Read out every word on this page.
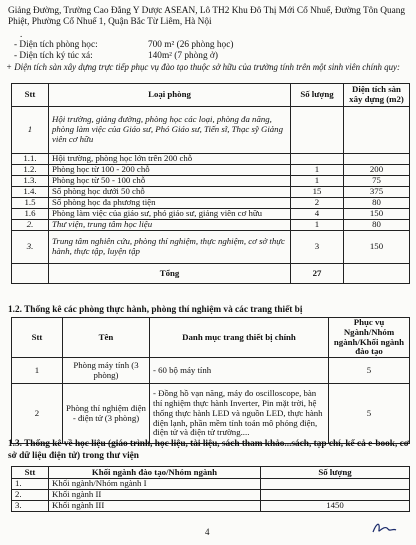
Giảng Đường, Trường Cao Đẳng Y Dược ASEAN, Lô TH2 Khu Đô Thị Mới Cổ Nhuế, Đường Tôn Quang Phiệt, Phường Cổ Nhuế 1, Quận Bắc Từ Liêm, Hà Nội

.
- Diện tích phòng học:	700 m² (26 phòng học)
- Diện tích ký túc xá:	140m² (7 phòng ở)
+ Diện tích sàn xây dựng trực tiếp phục vụ đào tạo thuộc sở hữu của trường tính trên một sinh viên chính quy:
Stt	Loại phòng	Số lượng	Diện tích sàn xây dựng (m2)
1	Hội trường, giảng đường, phòng học các loại, phòng đa năng, phòng làm việc của Giáo sư, Phó Giáo sư, Tiến sĩ, Thạc sỹ Giảng viên cơ hữu		
1.1.	Hội trường, phòng học lớn trên 200 chỗ		
1.2.	Phòng học từ 100 - 200 chỗ	1	200
1.3.	Phòng học từ 50 - 100 chỗ	1	75
1.4.	Số phòng học dưới 50 chỗ	15	375
1.5	Số phòng học đa phương tiện	2	80
1.6	Phòng làm việc của giáo sư, phó giáo sư, giảng viên cơ hữu	4	150
2.	Thư viện, trung tâm học liệu	1	80
3.	Trung tâm nghiên cứu, phòng thí nghiệm, thực nghiệm, cơ sở thực hành, thực tập, luyện tập	3	150
	Tổng	27	
1.2. Thống kê các phòng thực hành, phòng thí nghiệm và các trang thiết bị
Stt	Tên	Danh mục trang thiết bị chính	Phục vụ Ngành/Nhóm ngành/Khối ngành đào tạo
1	Phòng máy tính (3 phòng)	- 60 bộ máy tính	5
2	Phòng thí nghiệm điện - điện tử (3 phòng)	- Đồng hồ vạn năng, máy đo oscilloscope, bàn thí nghiệm thực hành Inverter, Pin mặt trời, hệ thống thực hành LED và nguồn LED, thực hành điện lạnh, phần mềm tính toán mô phỏng điện, điện tử và điện tử trường....	5
1.3. Thống kê về học liệu (giáo trình, học liệu, tài liệu, sách tham khảo...sách, tạp chí, kể cả e-book, cơ sở dữ liệu điện tử) trong thư viện
Stt	Khối ngành đào tạo/Nhóm ngành	Số lượng
1.	Khối ngành/Nhóm ngành I	
2.	Khối ngành II	
3.	Khối ngành III	1450
4
